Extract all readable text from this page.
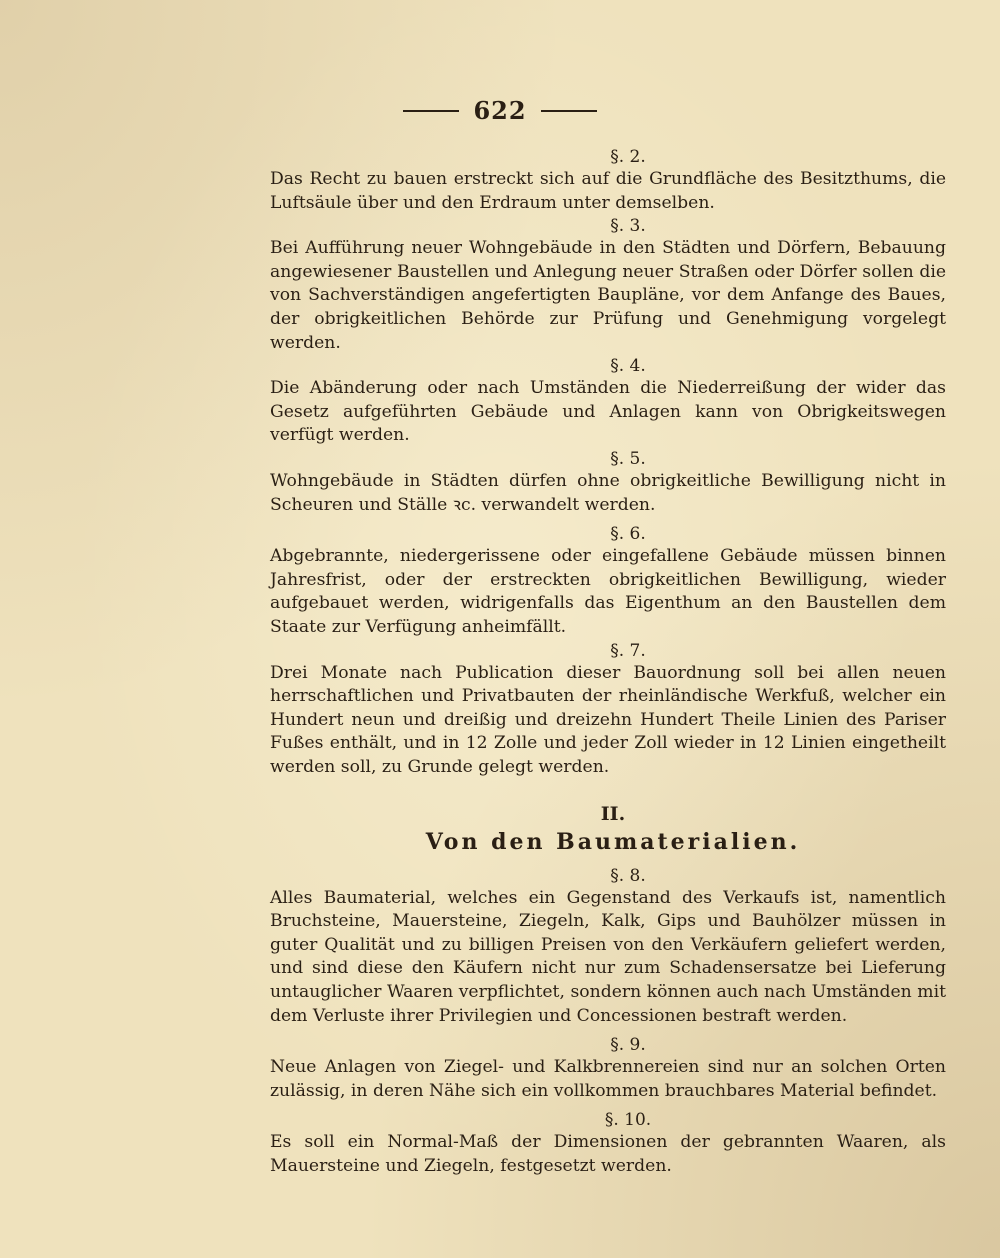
622
§. 2.

Das Recht zu bauen erstreckt sich auf die Grundfläche des Besitzthums, die Luftsäule über und den Erdraum unter demselben.

§. 3.

Bei Aufführung neuer Wohngebäude in den Städten und Dörfern, Bebauung angewiesener Baustellen und Anlegung neuer Straßen oder Dörfer sollen die von Sachverständigen angefertigten Baupläne, vor dem Anfange des Baues, der obrigkeitlichen Behörde zur Prüfung und Genehmigung vorgelegt werden.

§. 4.

Die Abänderung oder nach Umständen die Niederreißung der wider das Gesetz aufgeführten Gebäude und Anlagen kann von Obrigkeitswegen verfügt werden.

§. 5.

Wohngebäude in Städten dürfen ohne obrigkeitliche Bewilligung nicht in Scheuren und Ställe ꝛc. verwandelt werden.

§. 6.

Abgebrannte, niedergerissene oder eingefallene Gebäude müssen binnen Jahresfrist, oder der erstreckten obrigkeitlichen Bewilligung, wieder aufgebauet werden, widrigenfalls das Eigenthum an den Baustellen dem Staate zur Verfügung anheimfällt.

§. 7.

Drei Monate nach Publication dieser Bauordnung soll bei allen neuen herrschaftlichen und Privatbauten der rheinländische Werkfuß, welcher ein Hundert neun und dreißig und dreizehn Hundert Theile Linien des Pariser Fußes enthält, und in 12 Zolle und jeder Zoll wieder in 12 Linien eingetheilt werden soll, zu Grunde gelegt werden.

II.
Von den Baumaterialien.
§. 8.

Alles Baumaterial, welches ein Gegenstand des Verkaufs ist, namentlich Bruchsteine, Mauersteine, Ziegeln, Kalk, Gips und Bauhölzer müssen in guter Qualität und zu billigen Preisen von den Verkäufern geliefert werden, und sind diese den Käufern nicht nur zum Schadensersatze bei Lieferung untauglicher Waaren verpflichtet, sondern können auch nach Umständen mit dem Verluste ihrer Privilegien und Concessionen bestraft werden.

§. 9.

Neue Anlagen von Ziegel- und Kalkbrennereien sind nur an solchen Orten zulässig, in deren Nähe sich ein vollkommen brauchbares Material befindet.

§. 10.

Es soll ein Normal-Maß der Dimensionen der gebrannten Waaren, als Mauersteine und Ziegeln, festgesetzt werden.
